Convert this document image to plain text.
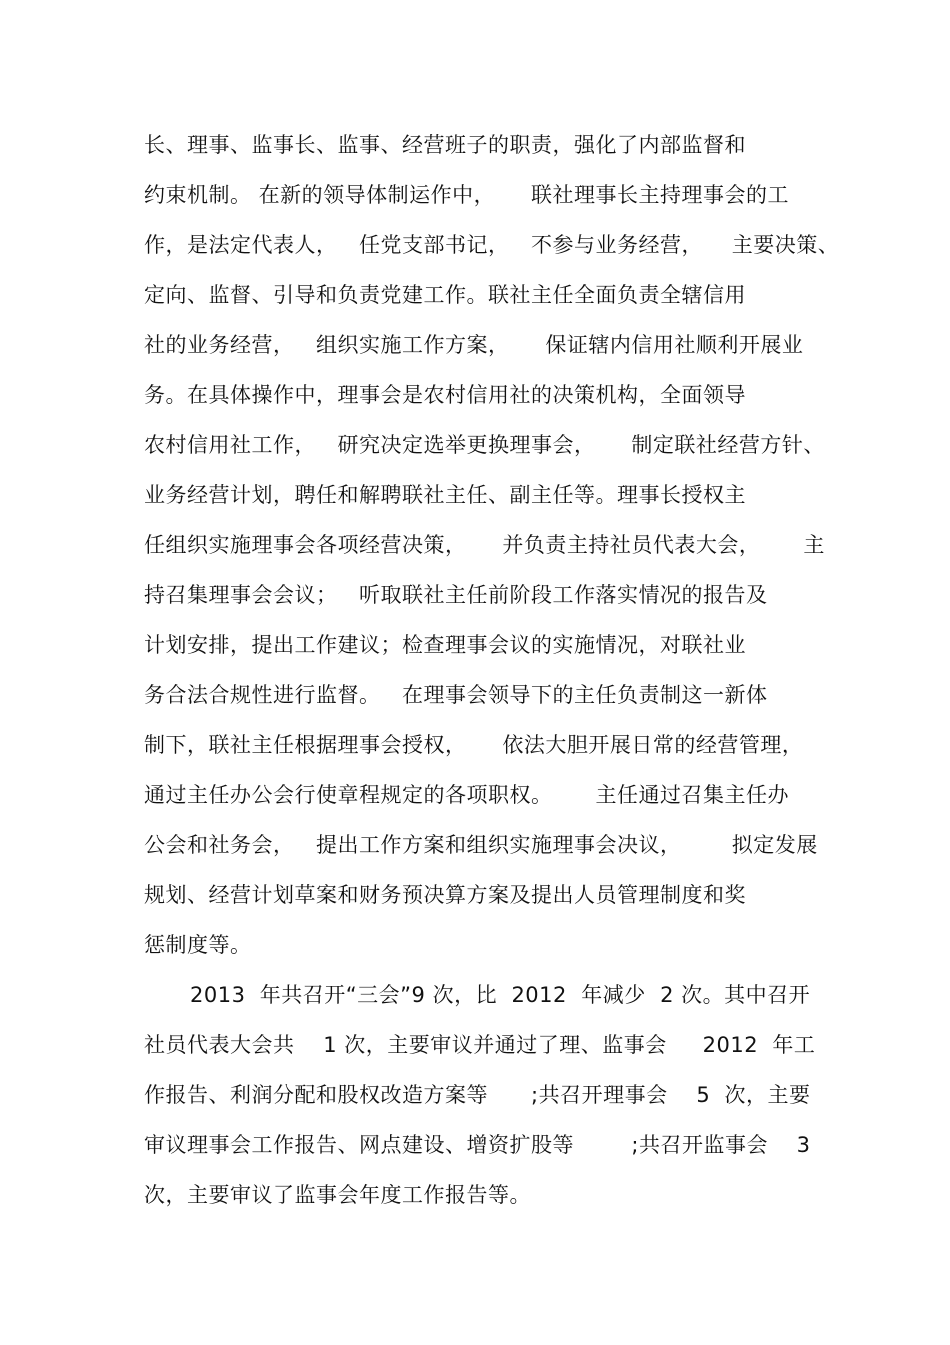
长、理事、监事长、监事、经营班子的职责，强化了内部监督和
约束机制。 在新的领导体制运作中，     联社理事长主持理事会的工
作，是法定代表人，   任党支部书记，   不参与业务经营，    主要决策、
定向、监督、引导和负责党建工作。联社主任全面负责全辖信用
社的业务经营，   组织实施工作方案，     保证辖内信用社顺利开展业
务。在具体操作中，理事会是农村信用社的决策机构，全面领导
农村信用社工作，   研究决定选举更换理事会，     制定联社经营方针、
业务经营计划，聘任和解聘联社主任、副主任等。理事长授权主
任组织实施理事会各项经营决策，     并负责主持社员代表大会，      主
持召集理事会会议；   听取联社主任前阶段工作落实情况的报告及
计划安排，提出工作建议；检查理事会议的实施情况，对联社业
务合法合规性进行监督。   在理事会领导下的主任负责制这一新体
制下，联社主任根据理事会授权，     依法大胆开展日常的经营管理，
通过主任办公会行使章程规定的各项职权。      主任通过召集主任办
公会和社务会，   提出工作方案和组织实施理事会决议，       拟定发展
规划、经营计划草案和财务预决算方案及提出人员管理制度和奖
惩制度等。
2013  年共召开“三会”9 次，比  2012  年减少  2 次。其中召开
社员代表大会共    1 次，主要审议并通过了理、监事会     2012  年工
作报告、利润分配和股权改造方案等      ;共召开理事会    5  次，主要
审议理事会工作报告、网点建设、增资扩股等        ;共召开监事会    3
次，主要审议了监事会年度工作报告等。
